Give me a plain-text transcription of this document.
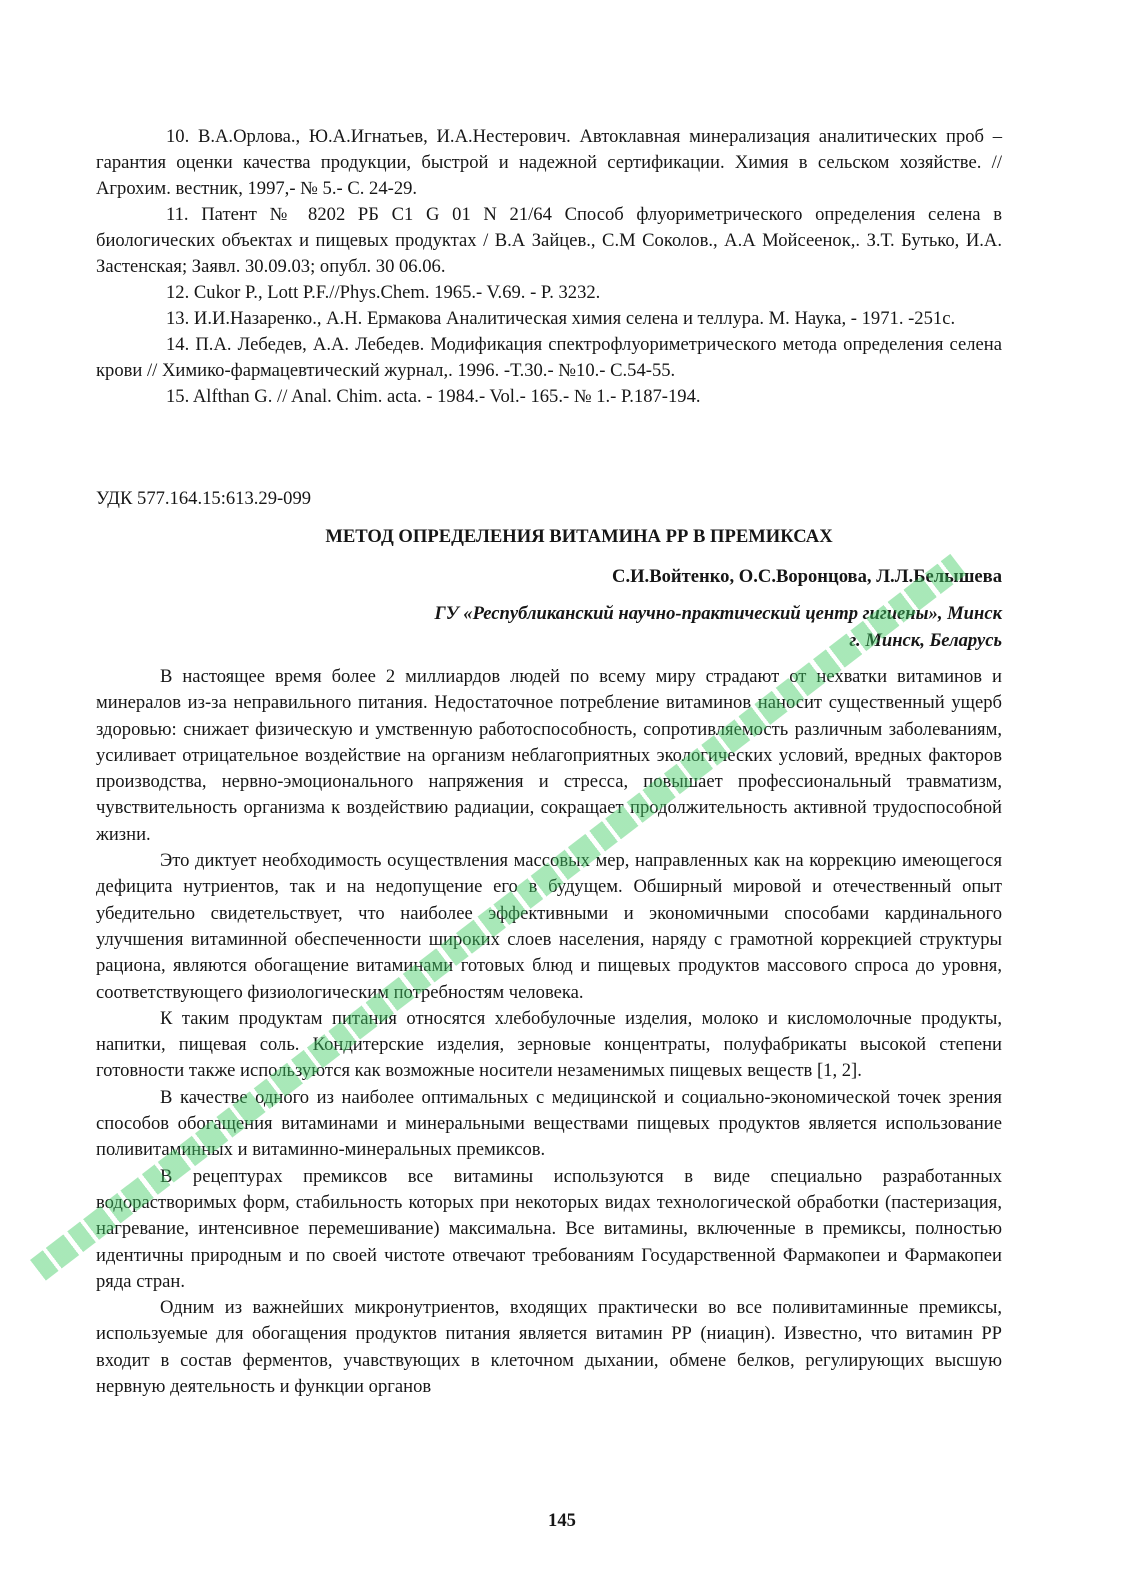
10. В.А.Орлова., Ю.А.Игнатьев, И.А.Нестерович. Автоклавная минерализация аналитических проб – гарантия оценки качества продукции, быстрой и надежной сертификации. Химия в сельском хозяйстве. //Агрохим. вестник, 1997,- № 5.- С. 24-29.

11. Патент № 8202 РБ С1 G 01 N 21/64 Способ флуориметрического определения селена в биологических объектах и пищевых продуктах / В.А Зайцев., С.М Соколов., А.А Мойсеенок,. З.Т. Бутько, И.А. Застенская; Заявл. 30.09.03; опубл. 30 06.06.

12. Cukor P., Lott P.F.//Phys.Chem. 1965.- V.69. - P. 3232.

13. И.И.Назаренко., А.Н. Ермакова Аналитическая химия селена и теллура. М. Наука, - 1971. -251с.

14. П.А. Лебедев, А.А. Лебедев. Модификация спектрофлуориметрического метода определения селена крови // Химико-фармацевтический журнал,. 1996. -Т.30.- №10.- С.54-55.

15. Alfthan G. // Anal. Chim. acta. - 1984.- Vol.- 165.- № 1.- P.187-194.

УДК 577.164.15:613.29-099
МЕТОД ОПРЕДЕЛЕНИЯ ВИТАМИНА РР В ПРЕМИКСАХ
С.И.Войтенко, О.С.Воронцова, Л.Л.Белышева
ГУ «Республиканский научно-практический центр гигиены», Минск
г. Минск, Беларусь

В настоящее время более 2 миллиардов людей по всему миру страдают от нехватки витаминов и минералов из-за неправильного питания. Недостаточное потребление витаминов наносит существенный ущерб здоровью: снижает физическую и умственную работоспособность, сопротивляемость различным заболеваниям, усиливает отрицательное воздействие на организм неблагоприятных экологических условий, вредных факторов производства, нервно-эмоционального напряжения и стресса, повышает профессиональный травматизм, чувствительность организма к воздействию радиации, сокращает продолжительность активной трудоспособной жизни.

Это диктует необходимость осуществления массовых мер, направленных как на коррекцию имеющегося дефицита нутриентов, так и на недопущение его в будущем. Обширный мировой и отечественный опыт убедительно свидетельствует, что наиболее эффективными и экономичными способами кардинального улучшения витаминной обеспеченности широких слоев населения, наряду с грамотной коррекцией структуры рациона, являются обогащение витаминами готовых блюд и пищевых продуктов массового спроса до уровня, соответствующего физиологическим потребностям человека.

К таким продуктам питания относятся хлебобулочные изделия, молоко и кисломолочные продукты, напитки, пищевая соль. Кондитерские изделия, зерновые концентраты, полуфабрикаты высокой степени готовности также используются как возможные носители незаменимых пищевых веществ [1, 2].

В качестве одного из наиболее оптимальных с медицинской и социально-экономической точек зрения способов обогащения витаминами и минеральными веществами пищевых продуктов является использование поливитаминных и витаминно-минеральных премиксов.

В рецептурах премиксов все витамины используются в виде специально разработанных водорастворимых форм, стабильность которых при некоторых видах технологической обработки (пастеризация, нагревание, интенсивное перемешивание) максимальна. Все витамины, включенные в премиксы, полностью идентичны природным и по своей чистоте отвечают требованиям Государственной Фармакопеи и Фармакопеи ряда стран.

Одним из важнейших микронутриентов, входящих практически во все поливитаминные премиксы, используемые для обогащения продуктов питания является витамин РР (ниацин). Известно, что витамин РР входит в состав ферментов, учавствующих в клеточном дыхании, обмене белков, регулирующих высшую нервную деятельность и функции органов

145
